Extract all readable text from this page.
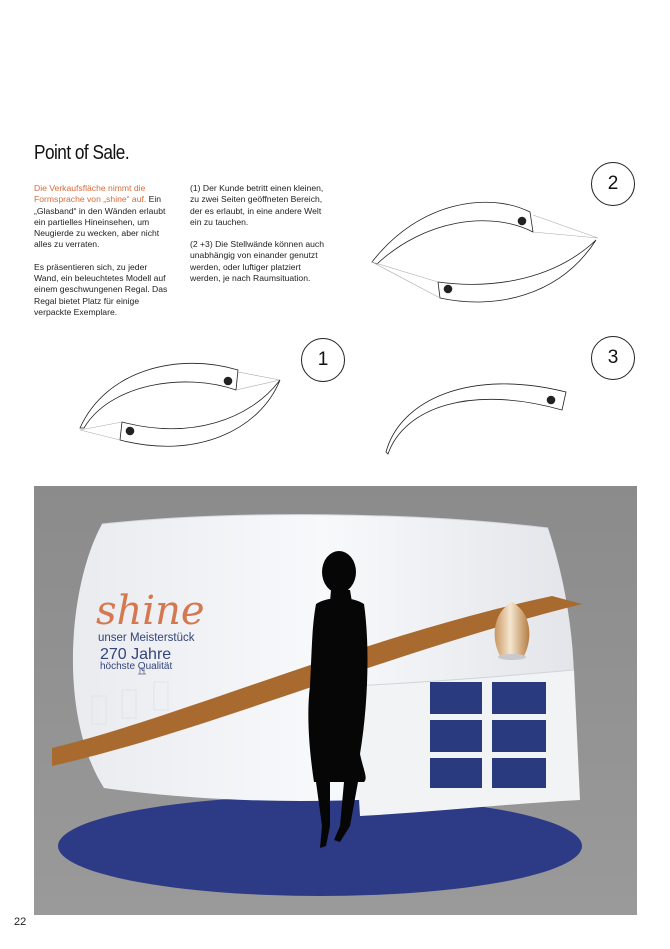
Point of Sale.

Die Verkaufsfläche nimmt die Formsprache von „shine“ auf. Ein „Glasband“ in den Wänden erlaubt ein partielles Hineinsehen, um Neugierde zu wecken, aber nicht alles zu verraten.

Es präsentieren sich, zu jeder Wand, ein beleuchtetes Modell auf einem geschwungenen Regal. Das Regal bietet Platz für einige verpackte Exemplare.

(1) Der Kunde betritt einen kleinen, zu zwei Seiten geöffneten Bereich, der es erlaubt, in eine andere Welt ein zu tauchen.

(2 +3) Die Stellwände können auch unabhängig von einander genutzt werden, oder luftiger platziert werden, je nach Raumsituation.

2
1	3
shine
unser Meisterstück
270 Jahre
höchste Qualität
22
